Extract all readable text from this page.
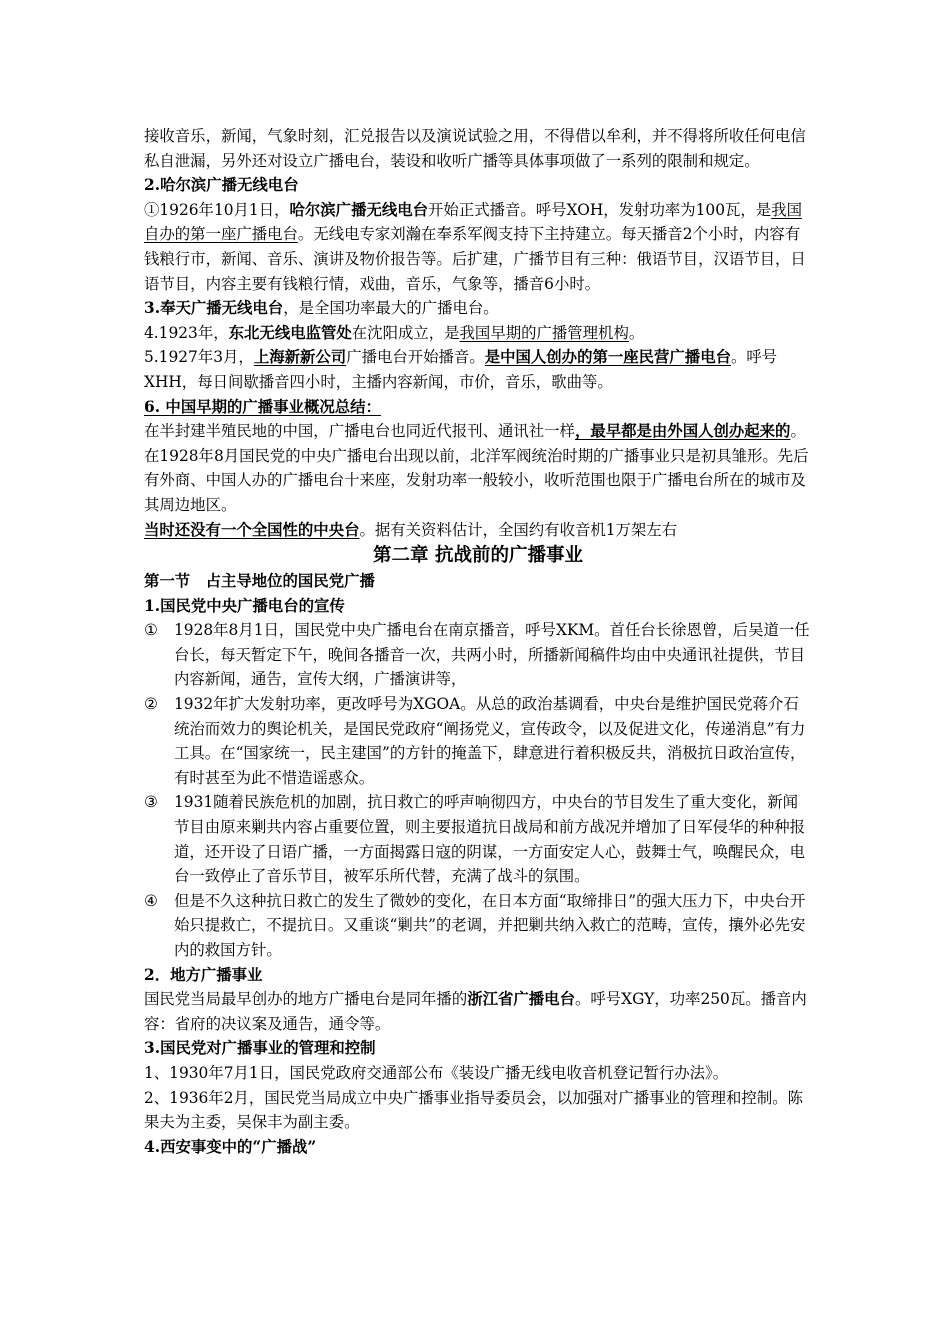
接收音乐，新闻，气象时刻，汇兑报告以及演说试验之用，不得借以牟利，并不得将所收任何电信私自泄漏，另外还对设立广播电台，装设和收听广播等具体事项做了一系列的限制和规定。

2.哈尔滨广播无线电台

①1926年10月1日，哈尔滨广播无线电台开始正式播音。呼号XOH，发射功率为100瓦，是我国自办的第一座广播电台。无线电专家刘瀚在奉系军阀支持下主持建立。每天播音2个小时，内容有钱粮行市，新闻、音乐、演讲及物价报告等。后扩建，广播节目有三种：俄语节目，汉语节目，日语节目，内容主要有钱粮行情，戏曲，音乐，气象等，播音6小时。

3.奉天广播无线电台，是全国功率最大的广播电台。

4.1923年，东北无线电监管处在沈阳成立，是我国早期的广播管理机构。

5.1927年3月，上海新新公司广播电台开始播音。是中国人创办的第一座民营广播电台。呼号XHH，每日间歇播音四小时，主播内容新闻，市价，音乐，歌曲等。

6. 中国早期的广播事业概况总结：

在半封建半殖民地的中国，广播电台也同近代报刊、通讯社一样，最早都是由外国人创办起来的。在1928年8月国民党的中央广播电台出现以前，北洋军阀统治时期的广播事业只是初具雏形。先后有外商、中国人办的广播电台十来座，发射功率一般较小，收听范围也限于广播电台所在的城市及其周边地区。

当时还没有一个全国性的中央台。据有关资料估计，全国约有收音机1万架左右

第二章 抗战前的广播事业

第一节　占主导地位的国民党广播

1.国民党中央广播电台的宣传

① 1928年8月1日，国民党中央广播电台在南京播音，呼号XKM。首任台长徐恩曾，后吴道一任台长，每天暂定下午，晚间各播音一次，共两小时，所播新闻稿件均由中央通讯社提供，节目内容新闻，通告，宣传大纲，广播演讲等，
② 1932年扩大发射功率，更改呼号为XGOA。从总的政治基调看，中央台是维护国民党蒋介石统治而效力的舆论机关，是国民党政府“阐扬党义，宣传政令，以及促进文化，传递消息”有力工具。在“国家统一，民主建国”的方针的掩盖下，肆意进行着积极反共，消极抗日政治宣传，有时甚至为此不惜造谣惑众。
③ 1931随着民族危机的加剧，抗日救亡的呼声响彻四方，中央台的节目发生了重大变化，新闻节目由原来剿共内容占重要位置，则主要报道抗日战局和前方战况并增加了日军侵华的种种报道，还开设了日语广播，一方面揭露日寇的阴谋，一方面安定人心，鼓舞士气，唤醒民众，电台一致停止了音乐节目，被军乐所代替，充满了战斗的氛围。
④ 但是不久这种抗日救亡的发生了微妙的变化，在日本方面“取缔排日”的强大压力下，中央台开始只提救亡，不提抗日。又重谈“剿共”的老调，并把剿共纳入救亡的范畴，宣传，攘外必先安内的救国方针。

2．地方广播事业

国民党当局最早创办的地方广播电台是同年播的浙江省广播电台。呼号XGY，功率250瓦。播音内容：省府的决议案及通告，通令等。

3.国民党对广播事业的管理和控制

1、1930年7月1日，国民党政府交通部公布《装设广播无线电收音机登记暂行办法》。

2、1936年2月，国民党当局成立中央广播事业指导委员会，以加强对广播事业的管理和控制。陈果夫为主委，吴保丰为副主委。

4.西安事变中的“广播战”
